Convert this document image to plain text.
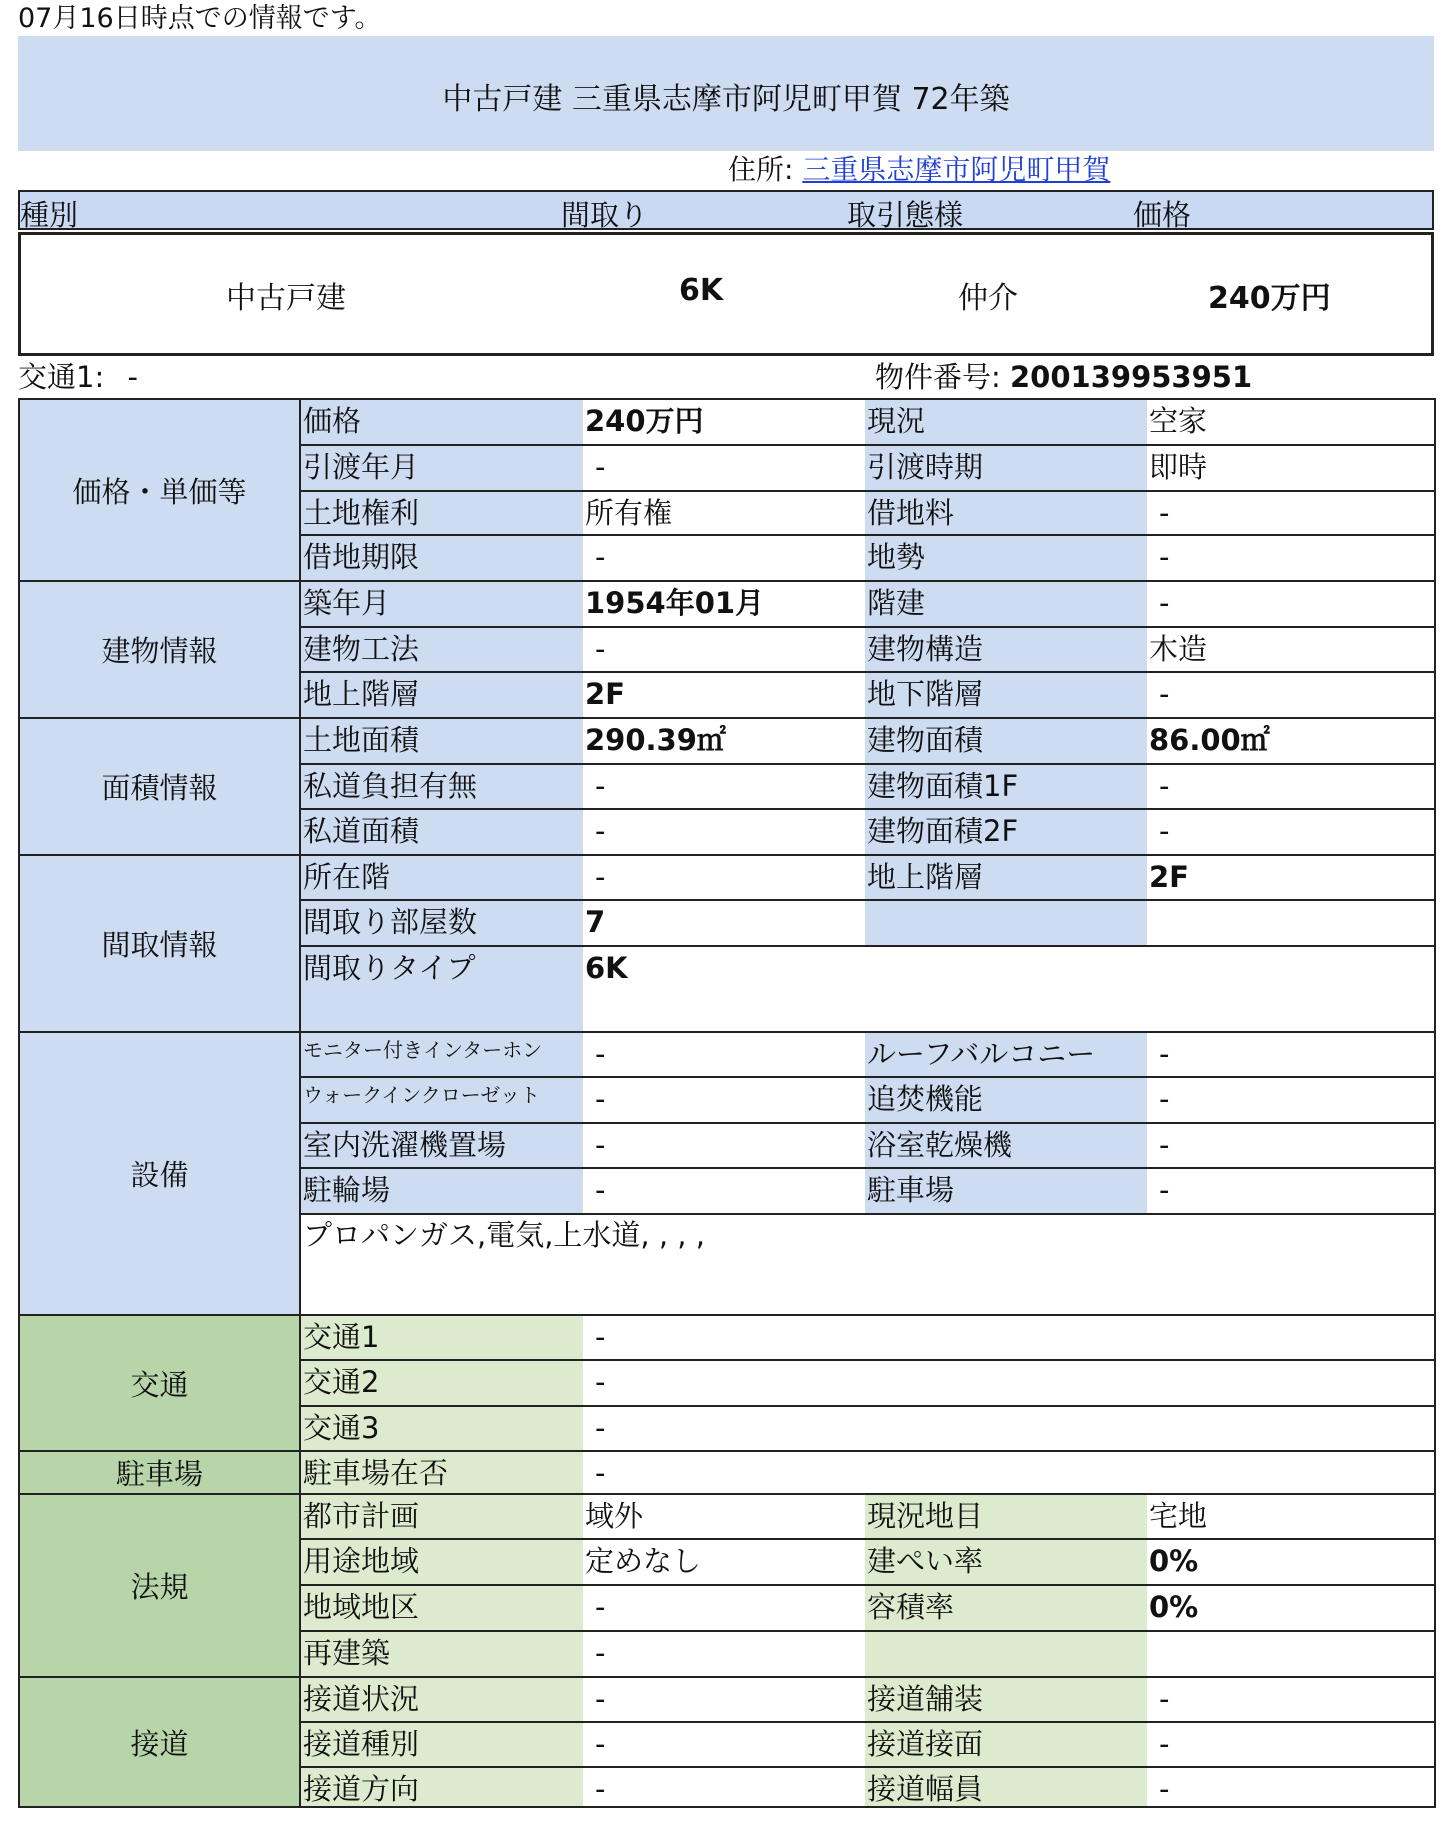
07月16日時点での情報です。
中古戸建 三重県志摩市阿児町甲賀 72年築
住所: 三重県志摩市阿児町甲賀
種別	間取り	取引態様	価格
中古戸建	6K	仲介	240万円
交通1: -	物件番号: 200139953951
価格・単価等
価格	240万円	現況	空家
引渡年月	-	引渡時期	即時
土地権利	所有権	借地料	-
借地期限	-	地勢	-
建物情報
築年月	1954年01月	階建	-
建物工法	-	建物構造	木造
地上階層	2F	地下階層	-
面積情報
土地面積	290.39㎡	建物面積	86.00㎡
私道負担有無	-	建物面積1F	-
私道面積	-	建物面積2F	-
間取情報
所在階	-	地上階層	2F
間取り部屋数	7
間取りタイプ	6K
設備
モニター付きインターホン	-	ルーフバルコニー	-
ウォークインクローゼット	-	追焚機能	-
室内洗濯機置場	-	浴室乾燥機	-
駐輪場	-	駐車場	-
プロパンガス,電気,上水道, , , ,
交通
交通1	-
交通2	-
交通3	-
駐車場	駐車場在否	-
法規
都市計画	域外	現況地目	宅地
用途地域	定めなし	建ぺい率	0%
地域地区	-	容積率	0%
再建築	-
接道
接道状況	-	接道舗装	-
接道種別	-	接道接面	-
接道方向	-	接道幅員	-
